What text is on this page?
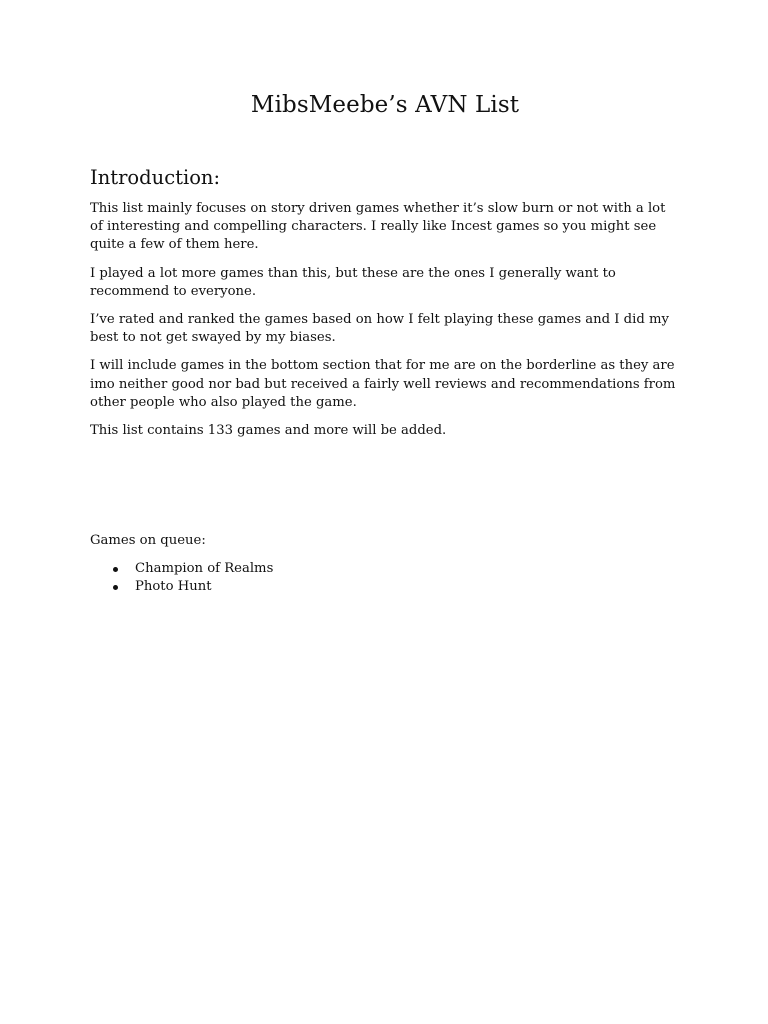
MibsMeebe’s AVN List
Introduction:

This list mainly focuses on story driven games whether it’s slow burn or not with a lot of interesting and compelling characters. I really like Incest games so you might see quite a few of them here.

I played a lot more games than this, but these are the ones I generally want to recommend to everyone.

I’ve rated and ranked the games based on how I felt playing these games and I did my best to not get swayed by my biases.

I will include games in the bottom section that for me are on the borderline as they are imo neither good nor bad but received a fairly well reviews and recommendations from other people who also played the game.

This list contains 133 games and more will be added.

Games on queue:

Champion of Realms
Photo Hunt
